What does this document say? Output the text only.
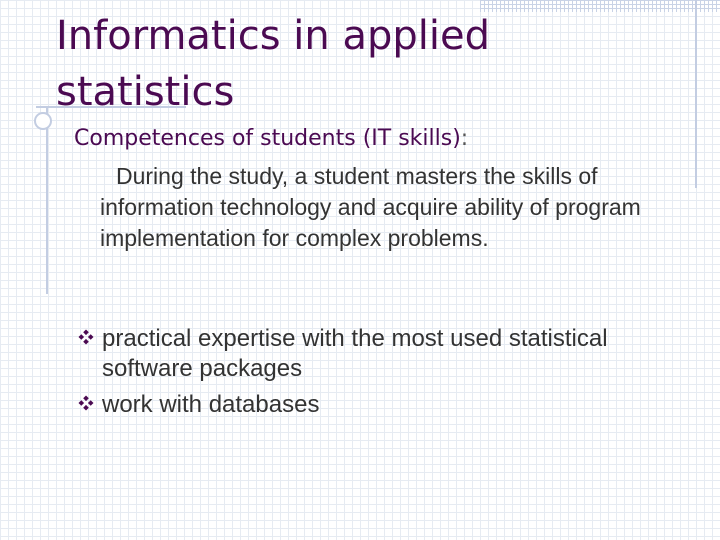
Informatics in applied
statistics
Competences of students (IT skills):
During the study, a student masters the skills of information technology and acquire ability of program implementation for complex problems.
practical expertise with the most used statistical software packages
work with databases
